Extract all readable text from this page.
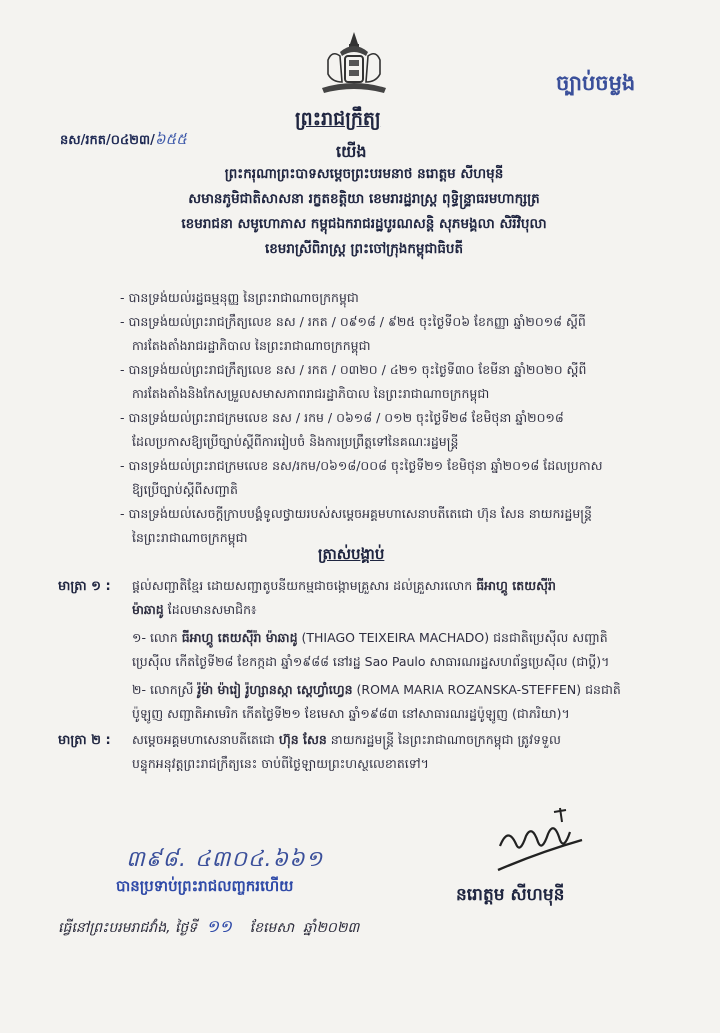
ច្បាប់ចម្លង
នស/រកត/០៤២៣/៦៥៥
ព្រះរាជក្រឹត្យ
យើង
ព្រះករុណាព្រះបាទសម្តេចព្រះបរមនាថ នរោត្តម សីហមុនី
សមានភូមិជាតិសាសនា រក្ខតខត្តិយា ខេមរារដ្ឋរាស្ត្រ ពុទ្ធិន្ទ្រាធរមហាក្សត្រ
ខេមរាជនា សមូហោភាស កម្ពុជឯករាជរដ្ឋបូរណសន្តិ សុភមង្គលា សិរីវិបុលា
ខេមរាស្រីពិរាស្ត្រ ព្រះចៅក្រុងកម្ពុជាធិបតី
- បានទ្រង់យល់រដ្ឋធម្មនុញ្ញ នៃព្រះរាជាណាចក្រកម្ពុជា
- បានទ្រង់យល់ព្រះរាជក្រឹត្យលេខ នស / រកត / ០៩១៨ / ៩២៥ ចុះថ្ងៃទី០៦ ខែកញ្ញា ឆ្នាំ២០១៨ ស្តីពី
ការតែងតាំងរាជរដ្ឋាភិបាល នៃព្រះរាជាណាចក្រកម្ពុជា
- បានទ្រង់យល់ព្រះរាជក្រឹត្យលេខ នស / រកត / ០៣២០ / ៤២១ ចុះថ្ងៃទី៣០ ខែមីនា ឆ្នាំ២០២០ ស្តីពី
ការតែងតាំងនិងកែសម្រួលសមាសភាពរាជរដ្ឋាភិបាល នៃព្រះរាជាណាចក្រកម្ពុជា
- បានទ្រង់យល់ព្រះរាជក្រមលេខ នស / រកម / ០៦១៨ / ០១២ ចុះថ្ងៃទី២៨ ខែមិថុនា ឆ្នាំ២០១៨
ដែលប្រកាសឱ្យប្រើច្បាប់ស្តីពីការរៀបចំ និងការប្រព្រឹត្តទៅនៃគណៈរដ្ឋមន្ត្រី
- បានទ្រង់យល់ព្រះរាជក្រមលេខ នស/រកម/០៦១៨/០០៨ ចុះថ្ងៃទី២១ ខែមិថុនា ឆ្នាំ២០១៨ ដែលប្រកាស
ឱ្យប្រើច្បាប់ស្តីពីសញ្ជាតិ
- បានទ្រង់យល់សេចក្តីក្រាបបង្គំទូលថ្វាយរបស់សម្តេចអគ្គមហាសេនាបតីតេជោ ហ៊ុន សែន នាយករដ្ឋមន្ត្រី
នៃព្រះរាជាណាចក្រកម្ពុជា
ត្រាស់បង្គាប់
មាត្រា ១ : ផ្តល់សញ្ជាតិខ្មែរ ដោយសញ្ជាតូបនីយកម្មជាចង្កោមគ្រួសារ ដល់គ្រួសារលោក ធីអាហ្គូ តេយស៊ីរ៉ា
ម៉ាឆាដូ ដែលមានសមាជិក៖
១- លោក ធីអាហ្គូ តេយស៊ីរ៉ា ម៉ាឆាដូ (THIAGO TEIXEIRA MACHADO) ជនជាតិប្រេស៊ីល សញ្ជាតិ
ប្រេស៊ីល កើតថ្ងៃទី២៨ ខែកក្កដា ឆ្នាំ១៩៨៨ នៅរដ្ឋ Sao Paulo សាធារណរដ្ឋសហព័ន្ធប្រេស៊ីល (ជាប្តី)។
២- លោកស្រី រ៉ូម៉ា ម៉ារៀ រ៉ូហ្សានស្កា ស្តេហ្វាំហ្វេន (ROMA MARIA ROZANSKA-STEFFEN) ជនជាតិ
ប៉ូឡូញ សញ្ជាតិអាមេរិក កើតថ្ងៃទី២១ ខែមេសា ឆ្នាំ១៩៨៣ នៅសាធារណរដ្ឋប៉ូឡូញ (ជាភរិយា)។
មាត្រា ២ : សម្តេចអគ្គមហាសេនាបតីតេជោ ហ៊ុន សែន នាយករដ្ឋមន្ត្រី នៃព្រះរាជាណាចក្រកម្ពុជា ត្រូវទទួល
បន្ទុកអនុវត្តព្រះរាជក្រឹត្យនេះ ចាប់ពីថ្ងៃឡាយព្រះហស្ថលេខាតទៅ។
៣៩៨. ៤៣០៤.៦៦១
បានប្រទាប់ព្រះរាជលញ្ចករហើយ
ធ្វើនៅព្រះបរមរាជវាំង, ថ្ងៃទី ១១ ខែមេសា ឆ្នាំ២០២៣
នរោត្តម សីហមុនី
